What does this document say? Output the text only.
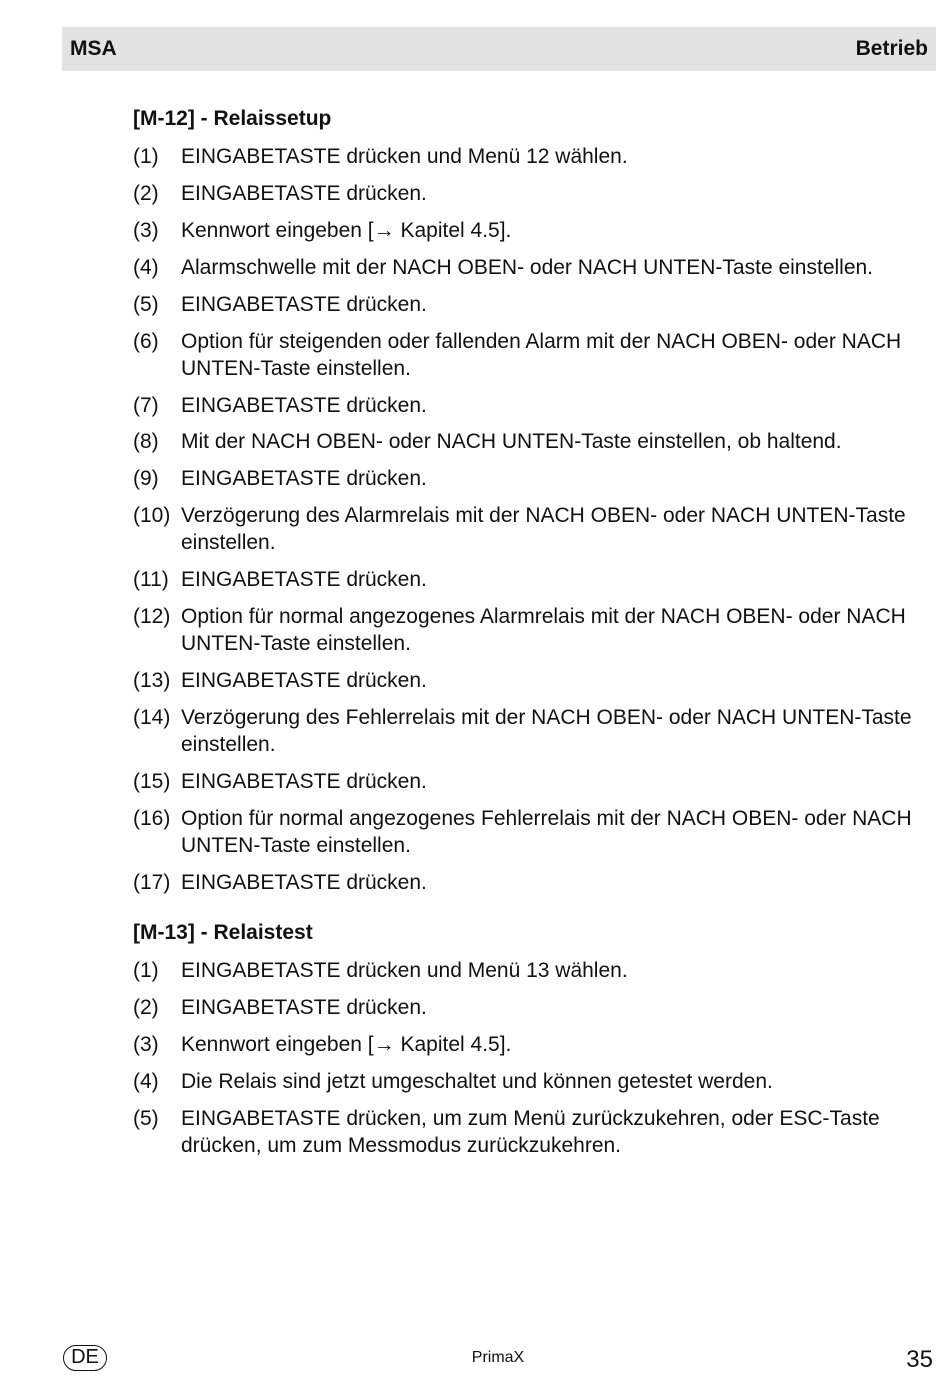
MSA	Betrieb
[M-12] - Relaissetup
(1) EINGABETASTE drücken und Menü 12 wählen.
(2) EINGABETASTE drücken.
(3) Kennwort eingeben [→ Kapitel 4.5].
(4) Alarmschwelle mit der NACH OBEN- oder NACH UNTEN-Taste einstellen.
(5) EINGABETASTE drücken.
(6) Option für steigenden oder fallenden Alarm mit der NACH OBEN- oder NACH UNTEN-Taste einstellen.
(7) EINGABETASTE drücken.
(8) Mit der NACH OBEN- oder NACH UNTEN-Taste einstellen, ob haltend.
(9) EINGABETASTE drücken.
(10) Verzögerung des Alarmrelais mit der NACH OBEN- oder NACH UNTEN-Taste einstellen.
(11) EINGABETASTE drücken.
(12) Option für normal angezogenes Alarmrelais mit der NACH OBEN- oder NACH UNTEN-Taste einstellen.
(13) EINGABETASTE drücken.
(14) Verzögerung des Fehlerrelais mit der NACH OBEN- oder NACH UNTEN-Taste einstellen.
(15) EINGABETASTE drücken.
(16) Option für normal angezogenes Fehlerrelais mit der NACH OBEN- oder NACH UNTEN-Taste einstellen.
(17) EINGABETASTE drücken.
[M-13] - Relaistest
(1) EINGABETASTE drücken und Menü 13 wählen.
(2) EINGABETASTE drücken.
(3) Kennwort eingeben [→ Kapitel 4.5].
(4) Die Relais sind jetzt umgeschaltet und können getestet werden.
(5) EINGABETASTE drücken, um zum Menü zurückzukehren, oder ESC-Taste drücken, um zum Messmodus zurückzukehren.
DE	PrimaX	35
